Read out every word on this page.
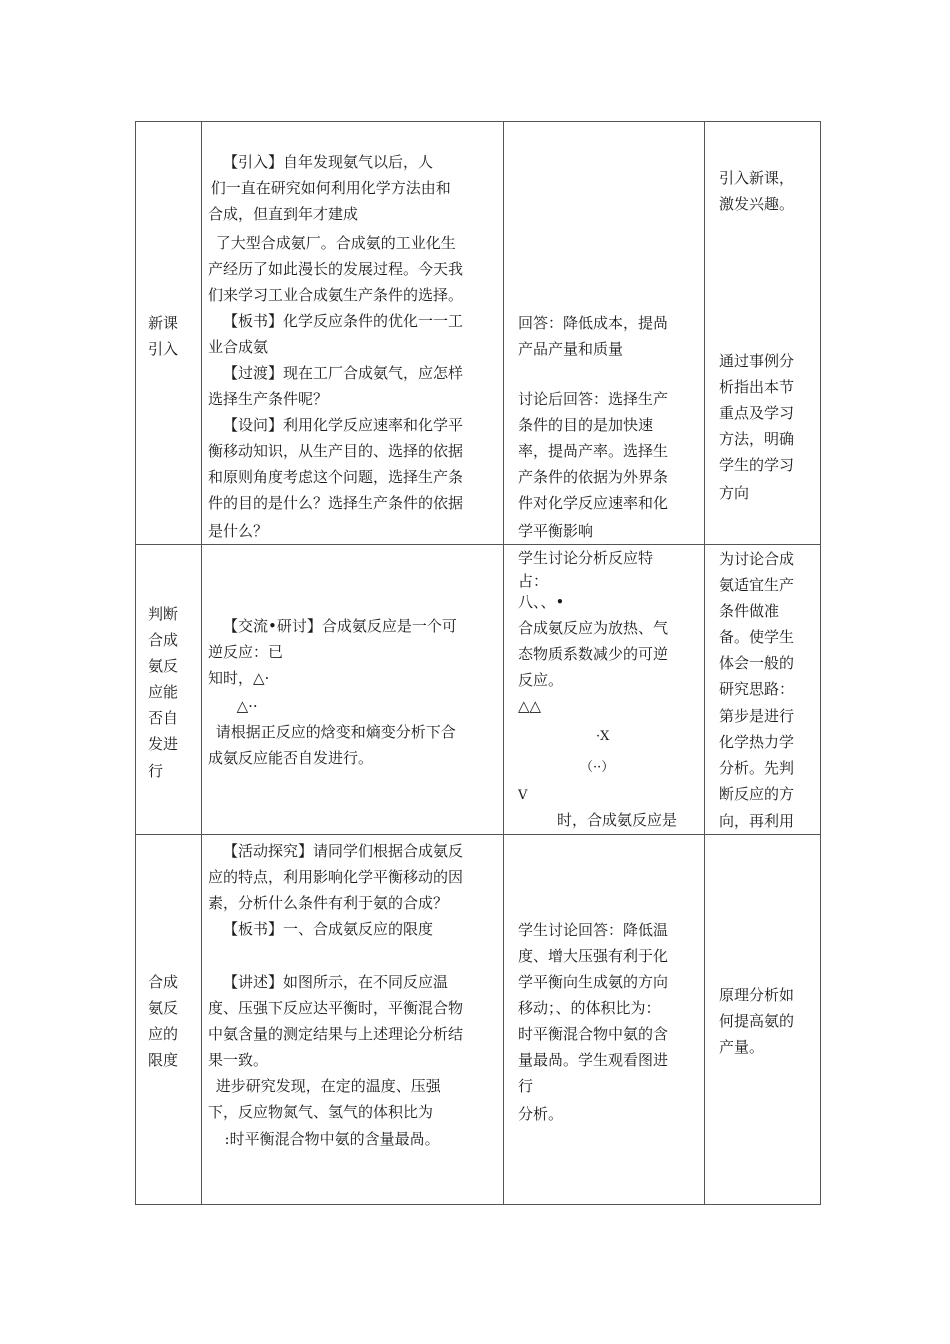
新课
引入
【引入】自年发现氨气以后，人
们一直在研究如何利用化学方法由和
合成，但直到年才建成
了大型合成氨厂。合成氨的工业化生
产经历了如此漫长的发展过程。今天我
们来学习工业合成氨生产条件的选择。
【板书】化学反应条件的优化一一工
业合成氨
【过渡】现在工厂合成氨气，应怎样
选择生产条件呢？
【设问】利用化学反应速率和化学平
衡移动知识，从生产目的、选择的依据
和原则角度考虑这个问题，选择生产条
件的目的是什么？选择生产条件的依据
是什么？
回答：降低成本，提咼
产品产量和质量
讨论后回答：选择生产
条件的目的是加快速
率，提咼产率。选择生
产条件的依据为外界条
件对化学反应速率和化
学平衡影响
引入新课，
激发兴趣。
通过事例分
析指出本节
重点及学习
方法，明确
学生的学习
方向
判断
合成
氨反
应能
否自
发进
行
【交流•研讨】合成氨反应是一个可
逆反应：已
知时，△·
△··
请根据正反应的焓变和熵变分析下合
成氨反应能否自发进行。
学生讨论分析反应特
占：
八、、•
合成氨反应为放热、气
态物质系数减少的可逆
反应。
△△
·X
（··）
V
时，合成氨反应是
为讨论合成
氨适宜生产
条件做准
备。使学生
体会一般的
研究思路：
第步是进行
化学热力学
分析。先判
断反应的方
向，再利用
合成
氨反
应的
限度
【活动探究】请同学们根据合成氨反
应的特点，利用影响化学平衡移动的因
素，分析什么条件有利于氨的合成？
【板书】一、合成氨反应的限度
【讲述】如图所示，在不同反应温
度、压强下反应达平衡时，平衡混合物
中氨含量的测定结果与上述理论分析结
果一致。
进步研究发现，在定的温度、压强
下，反应物氮气、氢气的体积比为
:时平衡混合物中氨的含量最咼。
学生讨论回答：降低温
度、增大压强有利于化
学平衡向生成氨的方向
移动；、的体积比为：
时平衡混合物中氨的含
量最咼。学生观看图进
行
分析。
原理分析如
何提高氨的
产量。
